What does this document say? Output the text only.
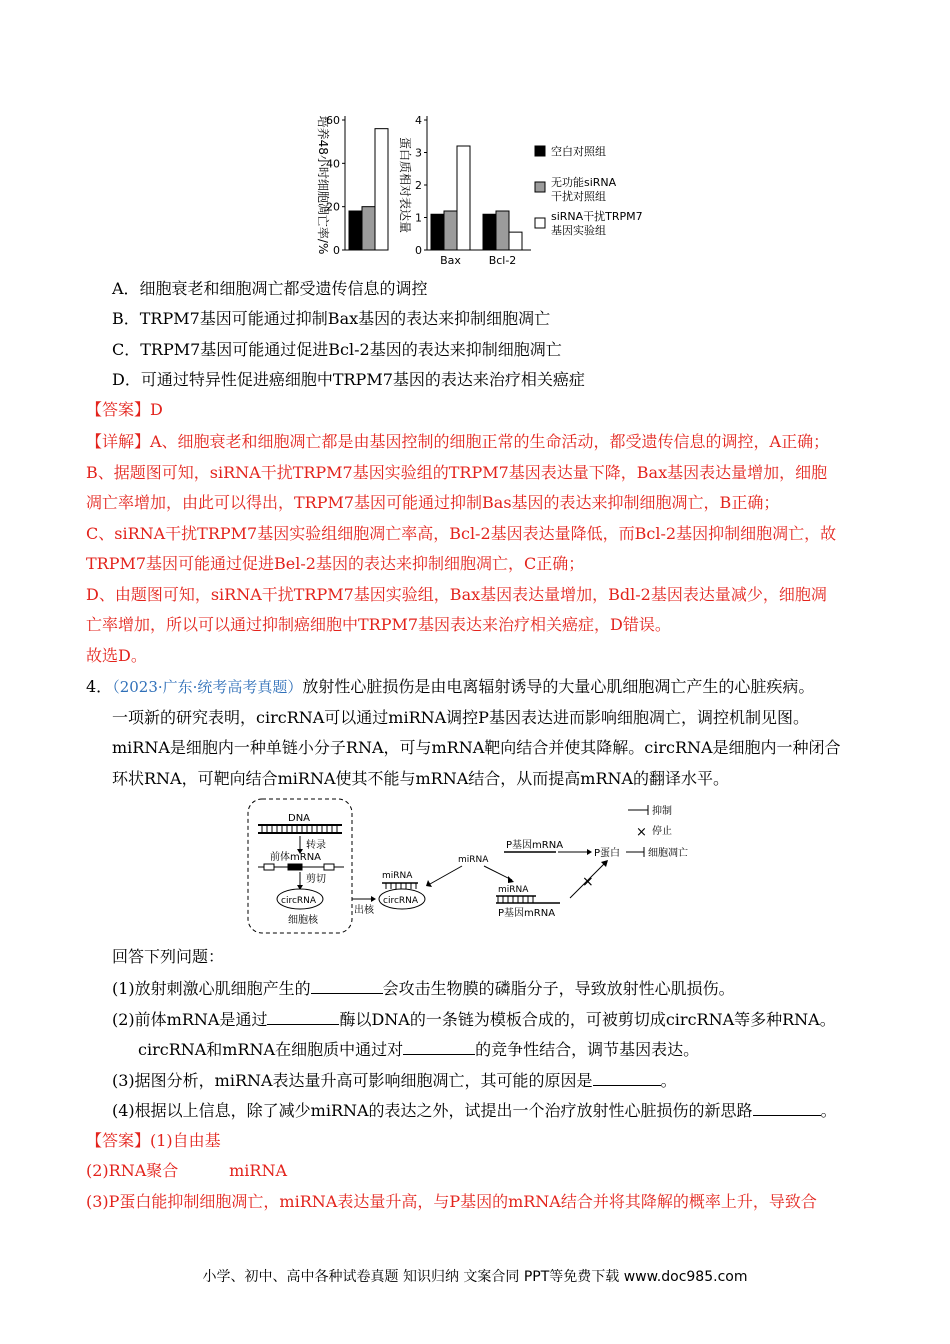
0
20
40
60
培养48小时细胞凋亡率/%	0
1
2
3
4
Bax	Bcl-2
蛋白质相对表达量	空白对照组
无功能siRNA
干扰对照组
siRNA干扰TRPM7
基因实验组
A．细胞衰老和细胞凋亡都受遗传信息的调控
B．TRPM7基因可能通过抑制Bax基因的表达来抑制细胞凋亡
C．TRPM7基因可能通过促进Bcl-2基因的表达来抑制细胞凋亡
D．可通过特异性促进癌细胞中TRPM7基因的表达来治疗相关癌症
【答案】D
【详解】A、细胞衰老和细胞凋亡都是由基因控制的细胞正常的生命活动，都受遗传信息的调控，A正确；
B、据题图可知，siRNA干扰TRPM7基因实验组的TRPM7基因表达量下降，Bax基因表达量增加，细胞
凋亡率增加，由此可以得出，TRPM7基因可能通过抑制Bas基因的表达来抑制细胞凋亡，B正确；
C、siRNA干扰TRPM7基因实验组细胞凋亡率高，Bcl-2基因表达量降低，而Bcl-2基因抑制细胞凋亡，故
TRPM7基因可能通过促进Bel-2基因的表达来抑制细胞凋亡，C正确；
D、由题图可知，siRNA干扰TRPM7基因实验组，Bax基因表达量增加，Bdl-2基因表达量减少，细胞凋
亡率增加，所以可以通过抑制癌细胞中TRPM7基因表达来治疗相关癌症，D错误。
故选D。
4．（2023·广东·统考高考真题）放射性心脏损伤是由电离辐射诱导的大量心肌细胞凋亡产生的心脏疾病。
一项新的研究表明，circRNA可以通过miRNA调控P基因表达进而影响细胞凋亡，调控机制见图。
miRNA是细胞内一种单链小分子RNA，可与mRNA靶向结合并使其降解。circRNA是细胞内一种闭合
环状RNA，可靶向结合miRNA使其不能与mRNA结合，从而提高mRNA的翻译水平。
DNA
转录
前体mRNA
剪切
circRNA
细胞核
出核
miRNA
circRNA
miRNA
P基因mRNA
P蛋白	细胞凋亡
miRNA
P基因mRNA
×
抑制
× 停止
回答下列问题：
(1)放射刺激心肌细胞产生的	会攻击生物膜的磷脂分子，导致放射性心肌损伤。
(2)前体mRNA是通过	酶以DNA的一条链为模板合成的，可被剪切成circRNA等多种RNA。
circRNA和mRNA在细胞质中通过对	的竞争性结合，调节基因表达。
(3)据图分析，miRNA表达量升高可影响细胞凋亡，其可能的原因是	。
(4)根据以上信息，除了减少miRNA的表达之外，试提出一个治疗放射性心脏损伤的新思路	。
【答案】(1)自由基
(2)RNA聚合          miRNA
(3)P蛋白能抑制细胞凋亡，miRNA表达量升高，与P基因的mRNA结合并将其降解的概率上升，导致合
小学、初中、高中各种试卷真题 知识归纳 文案合同 PPT等免费下载 www.doc985.com
